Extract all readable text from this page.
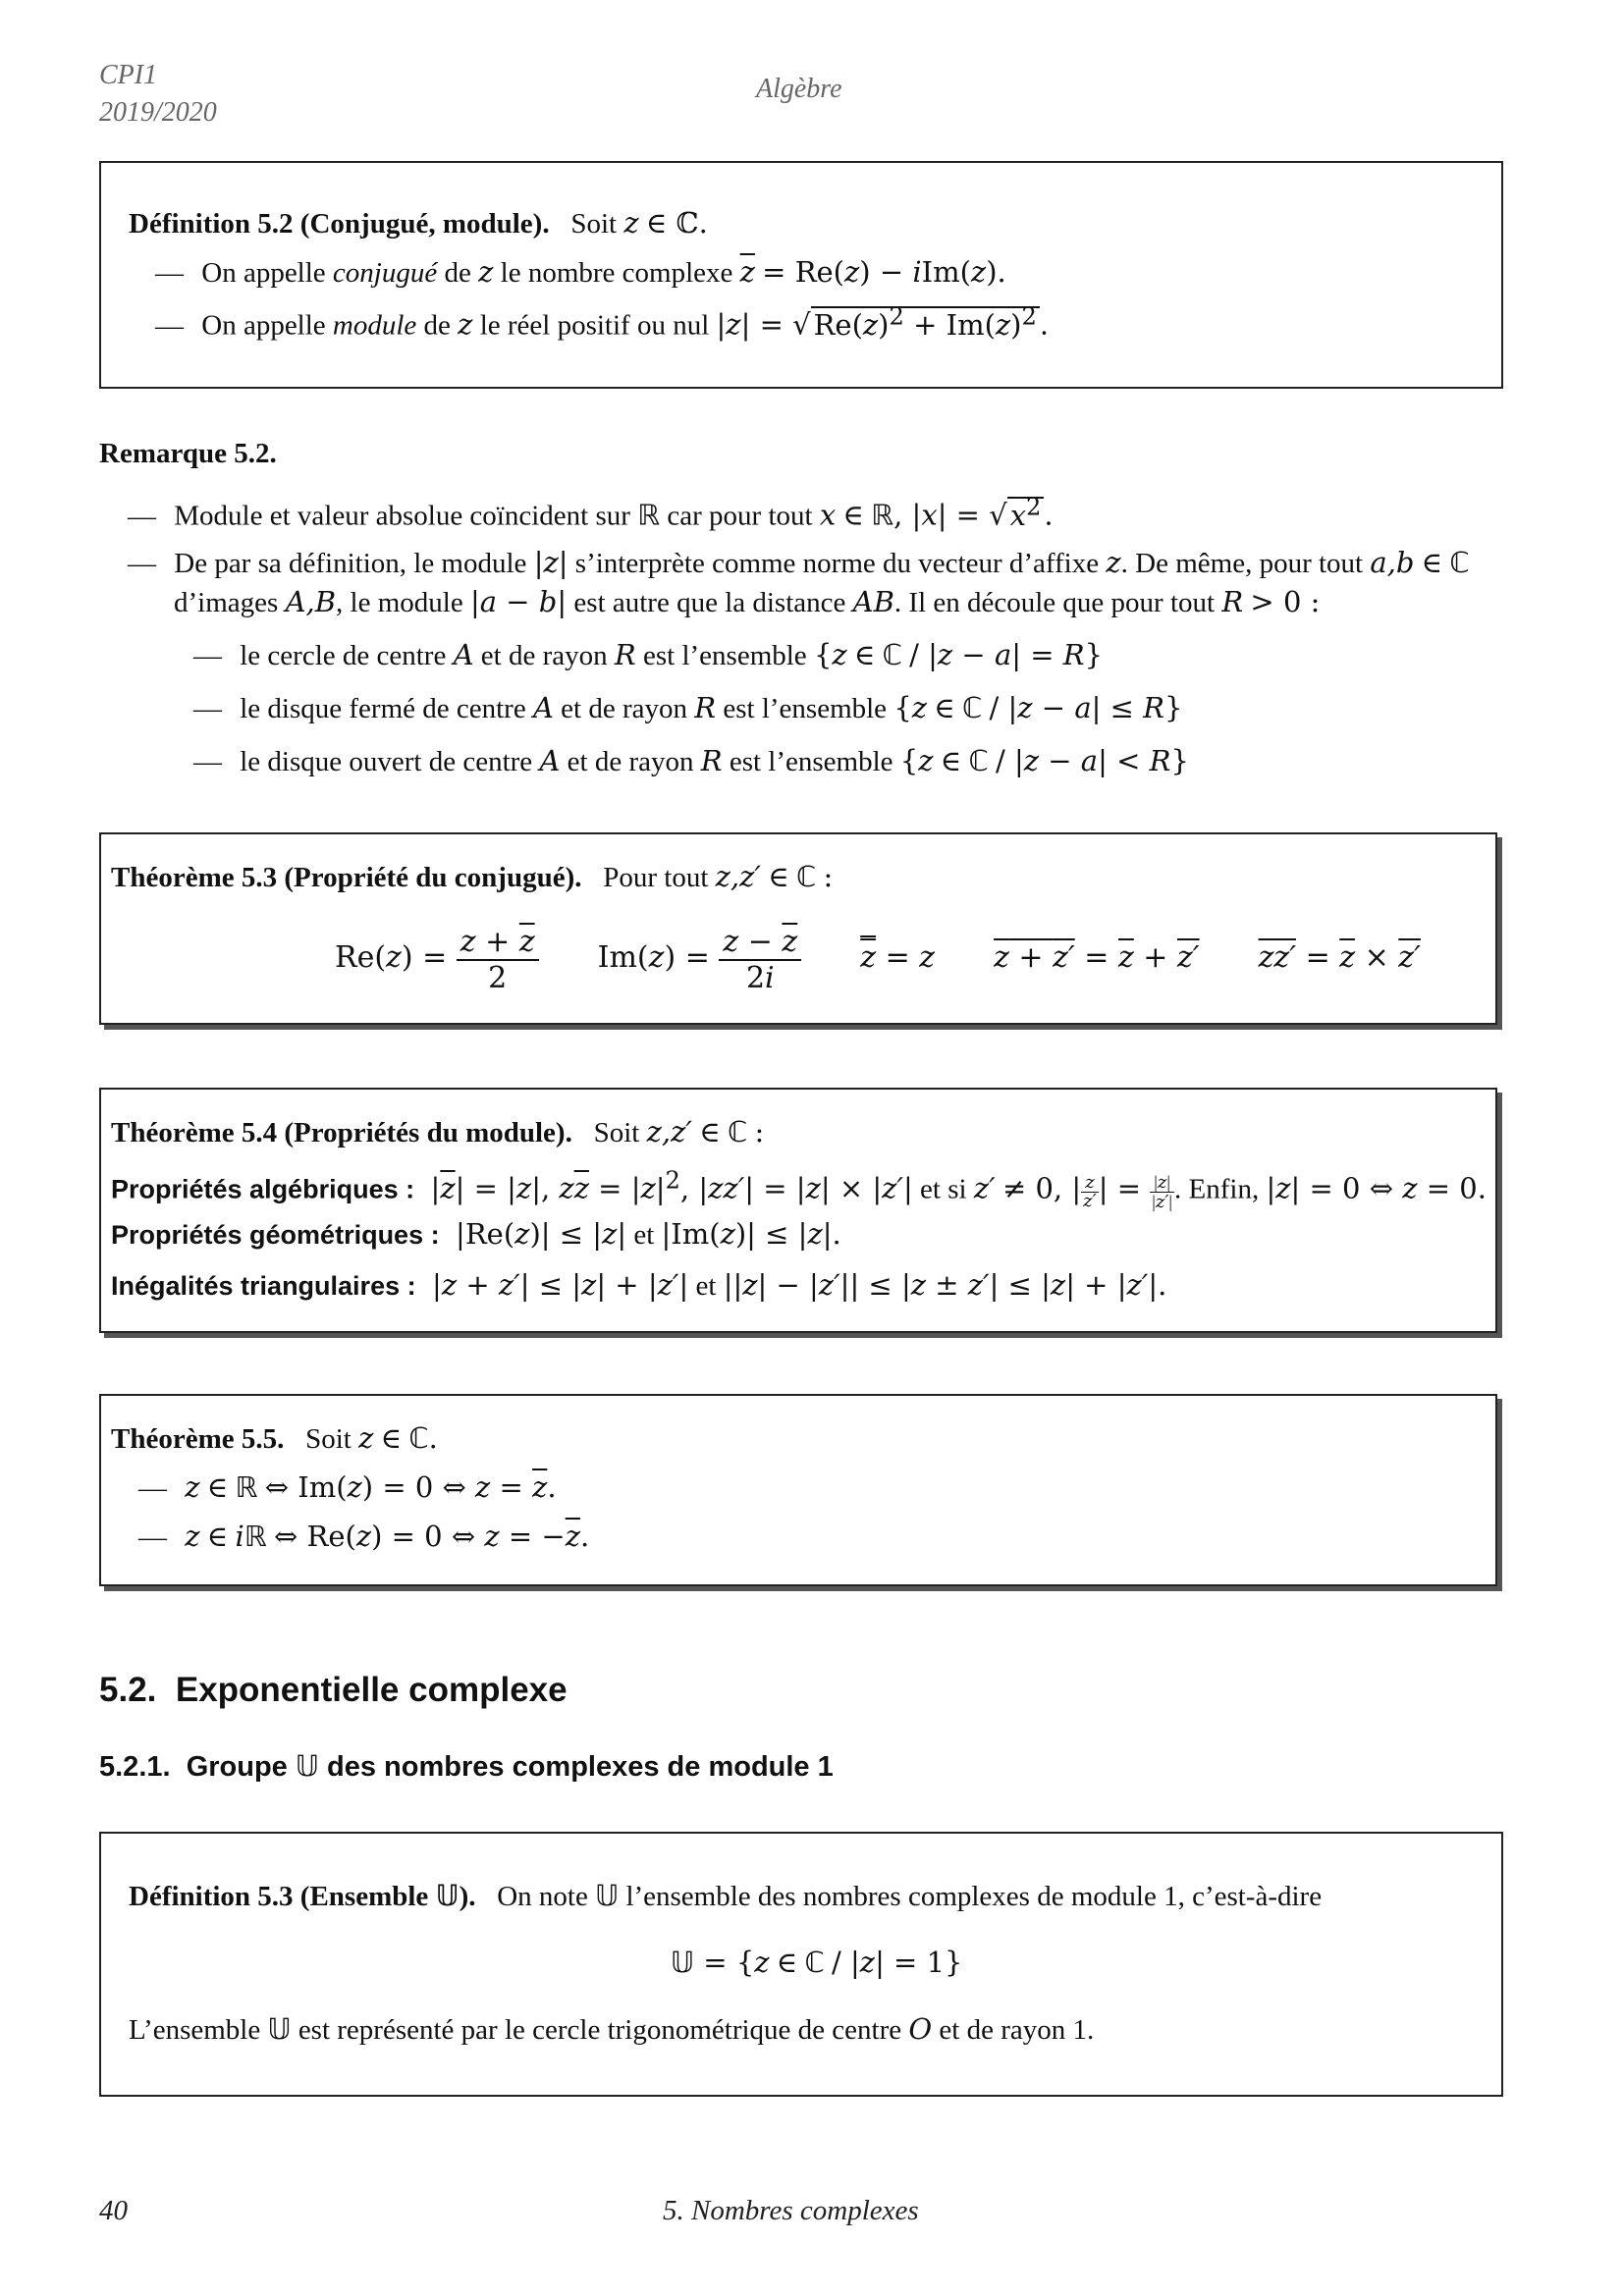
CPI1
2019/2020
Algèbre
Définition 5.2 (Conjugué, module). Soit z ∈ ℂ.
— On appelle conjugué de z le nombre complexe $\overline{z} = Re(z) - iIm(z)$.
— On appelle module de z le réel positif ou nul |z| = √ $Re(z)^2 + Im(z)^2$ .
Remarque 5.2.
— Module et valeur absolue coïncident sur ℝ car pour tout x ∈ ℝ, |x| = √ $x^2$ .
— De par sa définition, le module |z| s’interprète comme norme du vecteur d’affixe z. De même, pour tout a,b ∈ ℂ
d’images A,B, le module |a − b| est autre que la distance AB. Il en découle que pour tout R > 0 :
— le cercle de centre A et de rayon R est l’ensemble {z ∈ ℂ / |z − a| = R}
— le disque fermé de centre A et de rayon R est l’ensemble {z ∈ ℂ / |z − a| ≤ R}
— le disque ouvert de centre A et de rayon R est l’ensemble {z ∈ ℂ / |z − a| < R}
Théorème 5.3 (Propriété du conjugué). Pour tout z,z′ ∈ ℂ :
$Re(z) = \frac{z + \overline{z}}{2} Im(z) = \frac{z - \overline{z}}{2i}$ z = z $z + z' = \overline{z} + z'$ $zz' = \overline{z} \times z'$
Théorème 5.4 (Propriétés du module). Soit z,z′ ∈ ℂ :
Propriétés algébriques :  $|\overline{z}| = |z|$, $z\overline{z} = |z|^2$, |zz′| = |z| × |z′| et si z′ ≠ 0, | $\frac{z}{z'}$ | = $\frac{|z|}{|z'|}$ . Enfin, |z| = 0 ⇔ z = 0.
Propriétés géométriques :  |Re(z)| ≤ |z| et |Im(z)| ≤ |z|.
Inégalités triangulaires :  |z + z′| ≤ |z| + |z′| et ||z| − |z′|| ≤ |z ± z′| ≤ |z| + |z′|.
Théorème 5.5. Soit z ∈ ℂ.
— z ∈ ℝ ⇔ Im(z) = 0 ⇔ $z = \overline{z}$.
— z ∈ iℝ ⇔ Re(z) = 0 ⇔ $z = -\overline{z}$.
5.2. Exponentielle complexe
5.2.1. Groupe 𝕌 des nombres complexes de module 1
Définition 5.3 (Ensemble 𝕌). On note 𝕌 l’ensemble des nombres complexes de module 1, c’est-à-dire
𝕌 = {z ∈ ℂ / |z| = 1}
L’ensemble 𝕌 est représenté par le cercle trigonométrique de centre O et de rayon 1.
40	5. Nombres complexes
